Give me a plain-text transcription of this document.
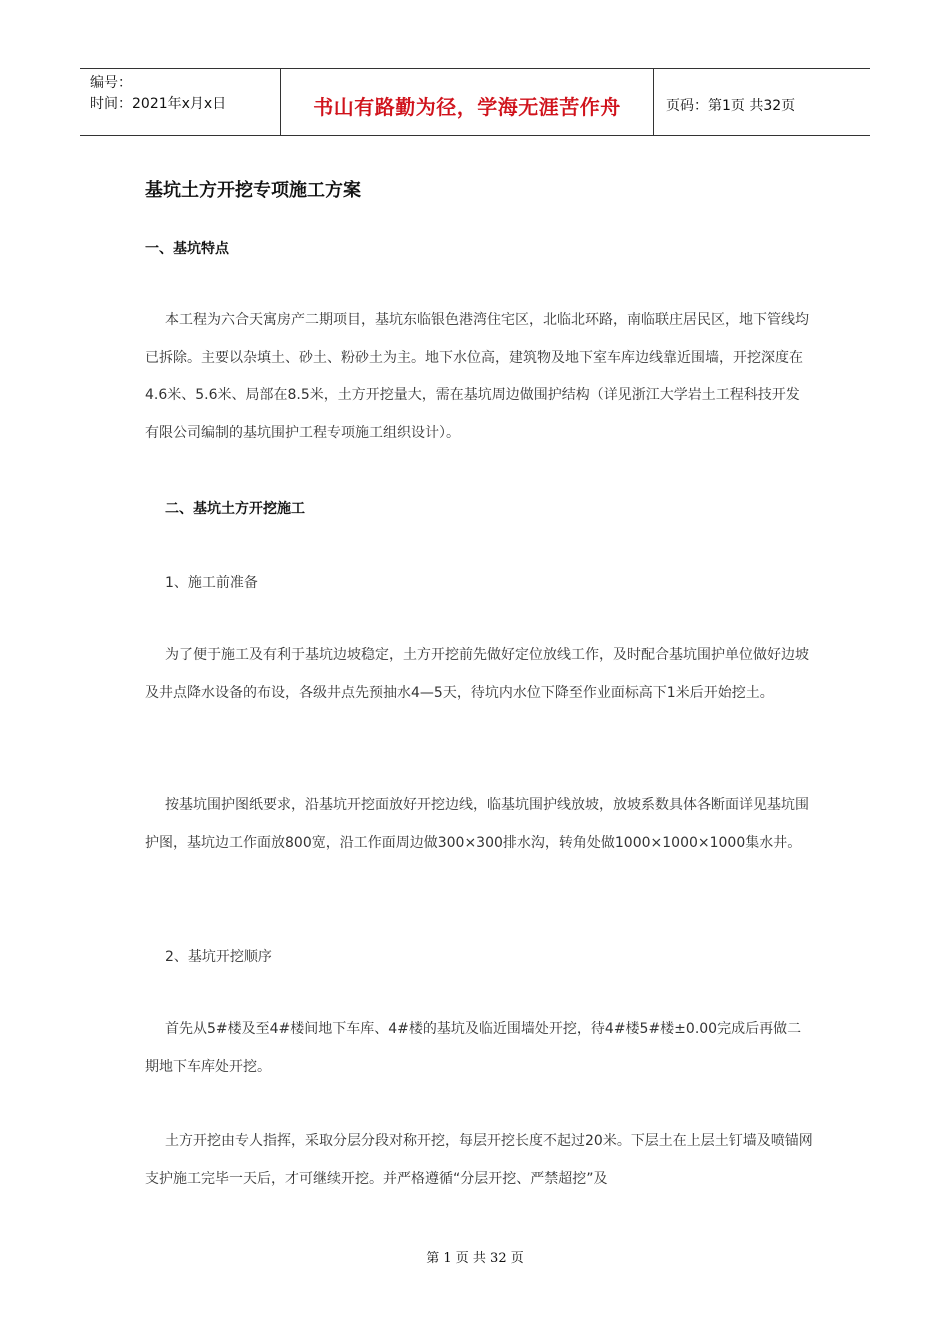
编号：
时间：2021年x月x日	书山有路勤为径，学海无涯苦作舟	页码：第1页 共32页
基坑土方开挖专项施工方案
一、基坑特点

本工程为六合天寓房产二期项目，基坑东临银色港湾住宅区，北临北环路，南临联庄居民区，地下管线均已拆除。主要以杂填土、砂土、粉砂土为主。地下水位高，建筑物及地下室车库边线靠近围墙，开挖深度在4.6米、5.6米、局部在8.5米，土方开挖量大，需在基坑周边做围护结构（详见浙江大学岩土工程科技开发有限公司编制的基坑围护工程专项施工组织设计）。

二、基坑土方开挖施工
1、施工前准备

为了便于施工及有利于基坑边坡稳定，土方开挖前先做好定位放线工作，及时配合基坑围护单位做好边坡及井点降水设备的布设，各级井点先预抽水4—5天，待坑内水位下降至作业面标高下1米后开始挖土。

按基坑围护图纸要求，沿基坑开挖面放好开挖边线，临基坑围护线放坡，放坡系数具体各断面详见基坑围护图，基坑边工作面放800宽，沿工作面周边做300×300排水沟，转角处做1000×1000×1000集水井。

2、基坑开挖顺序

首先从5#楼及至4#楼间地下车库、4#楼的基坑及临近围墙处开挖，待4#楼5#楼±0.00完成后再做二期地下车库处开挖。

土方开挖由专人指挥，采取分层分段对称开挖，每层开挖长度不起过20米。下层土在上层土钉墙及喷锚网支护施工完毕一天后，才可继续开挖。并严格遵循“分层开挖、严禁超挖”及

第 1 页 共 32 页
